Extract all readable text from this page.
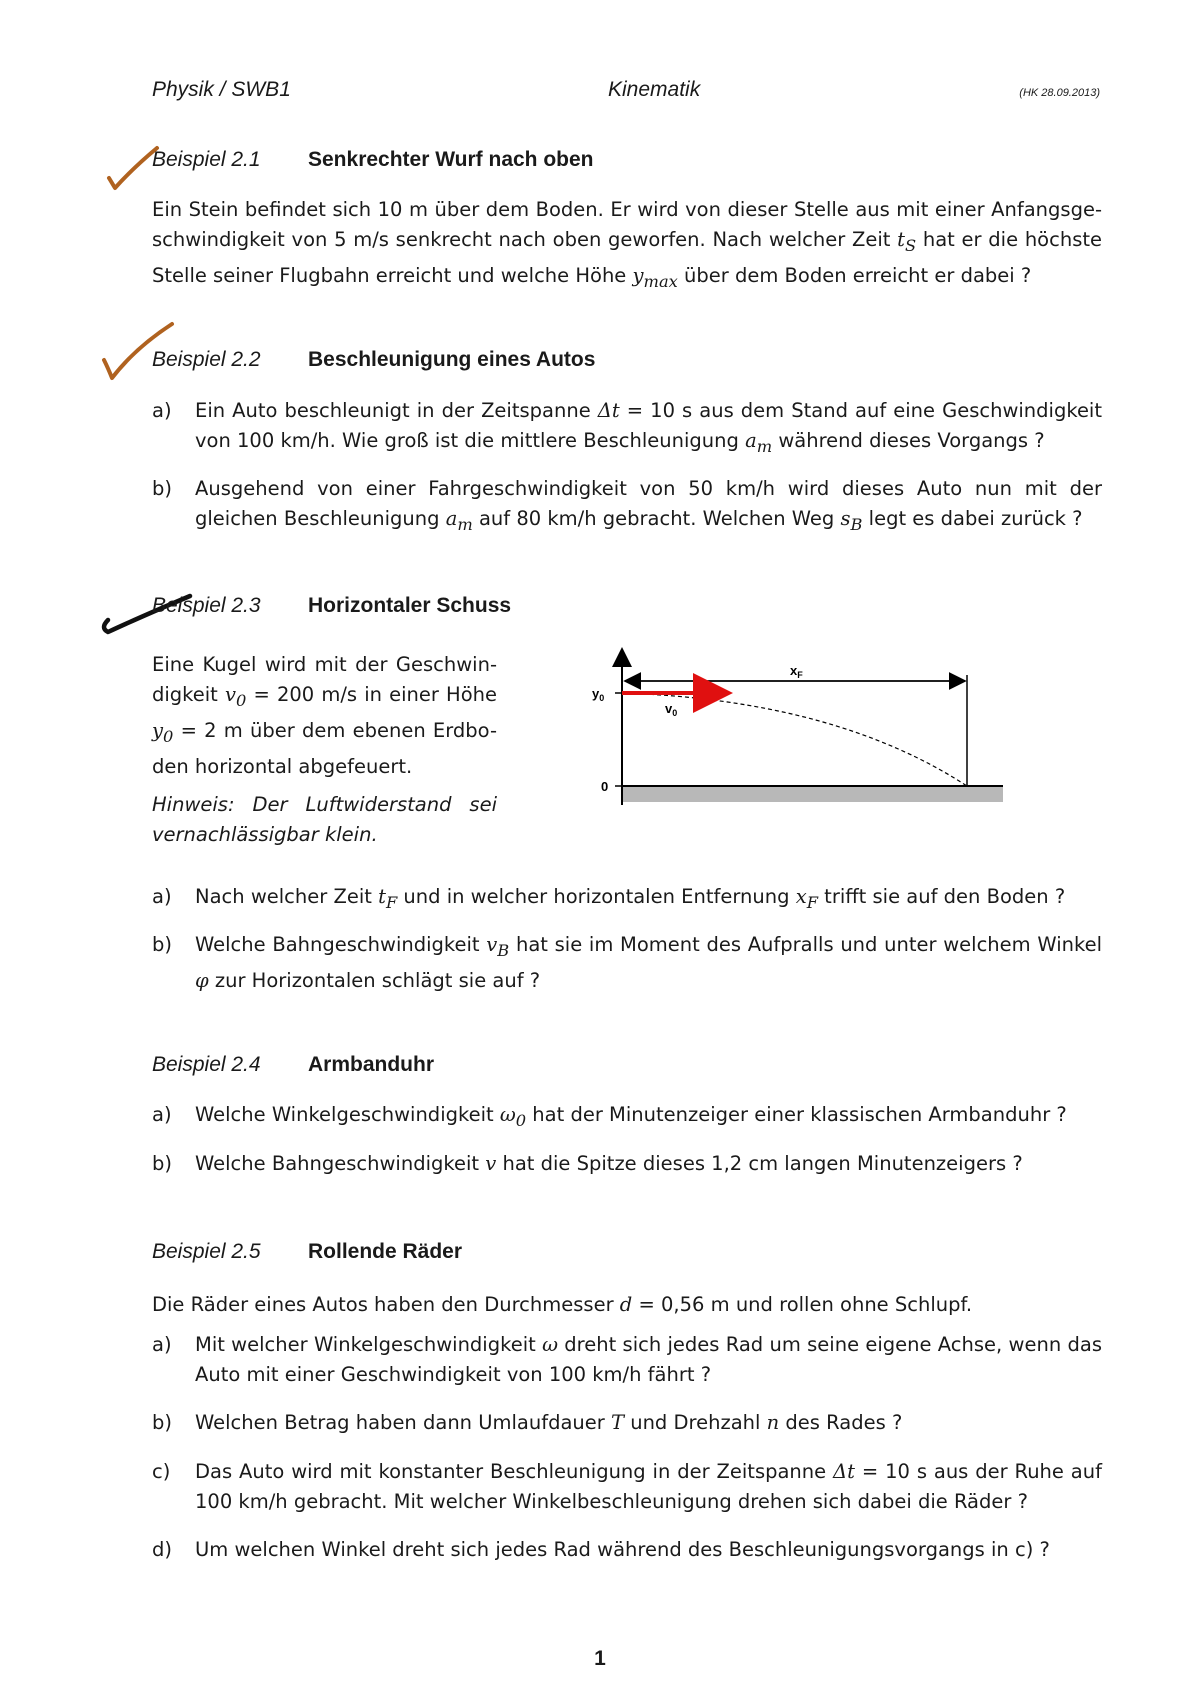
Physik / SWB1	Kinematik	(HK 28.09.2013)
Beispiel 2.1 Senkrechter Wurf nach oben
Ein Stein befindet sich 10 m über dem Boden. Er wird von dieser Stelle aus mit einer Anfangsge-schwindigkeit von 5 m/s senkrecht nach oben geworfen. Nach welcher Zeit $t_S$ hat er die höchste Stelle seiner Flugbahn erreicht und welche Höhe $y_{max}$ über dem Boden erreicht er dabei ?
Beispiel 2.2 Beschleunigung eines Autos
a) Ein Auto beschleunigt in der Zeitspanne Δt = 10 s aus dem Stand auf eine Geschwindigkeit von 100 km/h. Wie groß ist die mittlere Beschleunigung $a_m$ während dieses Vorgangs ?
b) Ausgehend von einer Fahrgeschwindigkeit von 50 km/h wird dieses Auto nun mit der gleichen Beschleunigung $a_m$ auf 80 km/h gebracht. Welchen Weg $s_B$ legt es dabei zurück ?
Beispiel 2.3 Horizontaler Schuss
Eine Kugel wird mit der Geschwin-digkeit $v_0 = 200$ m/s in einer Höhe $y_0 = 2$ m über dem ebenen Erdbo-den horizontal abgefeuert.
Hinweis: Der Luftwiderstand sei vernachlässigbar klein.
$x_F$
$y_0$
$v_0$
0
a) Nach welcher Zeit $t_F$ und in welcher horizontalen Entfernung $x_F$ trifft sie auf den Boden ?
b) Welche Bahngeschwindigkeit $v_B$ hat sie im Moment des Aufpralls und unter welchem Winkel φ zur Horizontalen schlägt sie auf ?
Beispiel 2.4 Armbanduhr
a) Welche Winkelgeschwindigkeit $\omega_0$ hat der Minutenzeiger einer klassischen Armbanduhr ?
b) Welche Bahngeschwindigkeit v hat die Spitze dieses 1,2 cm langen Minutenzeigers ?
Beispiel 2.5 Rollende Räder
Die Räder eines Autos haben den Durchmesser d = 0,56 m und rollen ohne Schlupf.
a) Mit welcher Winkelgeschwindigkeit ω dreht sich jedes Rad um seine eigene Achse, wenn das Auto mit einer Geschwindigkeit von 100 km/h fährt ?
b) Welchen Betrag haben dann Umlaufdauer T und Drehzahl n des Rades ?
c) Das Auto wird mit konstanter Beschleunigung in der Zeitspanne Δt = 10 s aus der Ruhe auf 100 km/h gebracht. Mit welcher Winkelbeschleunigung drehen sich dabei die Räder ?
d) Um welchen Winkel dreht sich jedes Rad während des Beschleunigungsvorgangs in c) ?
1
